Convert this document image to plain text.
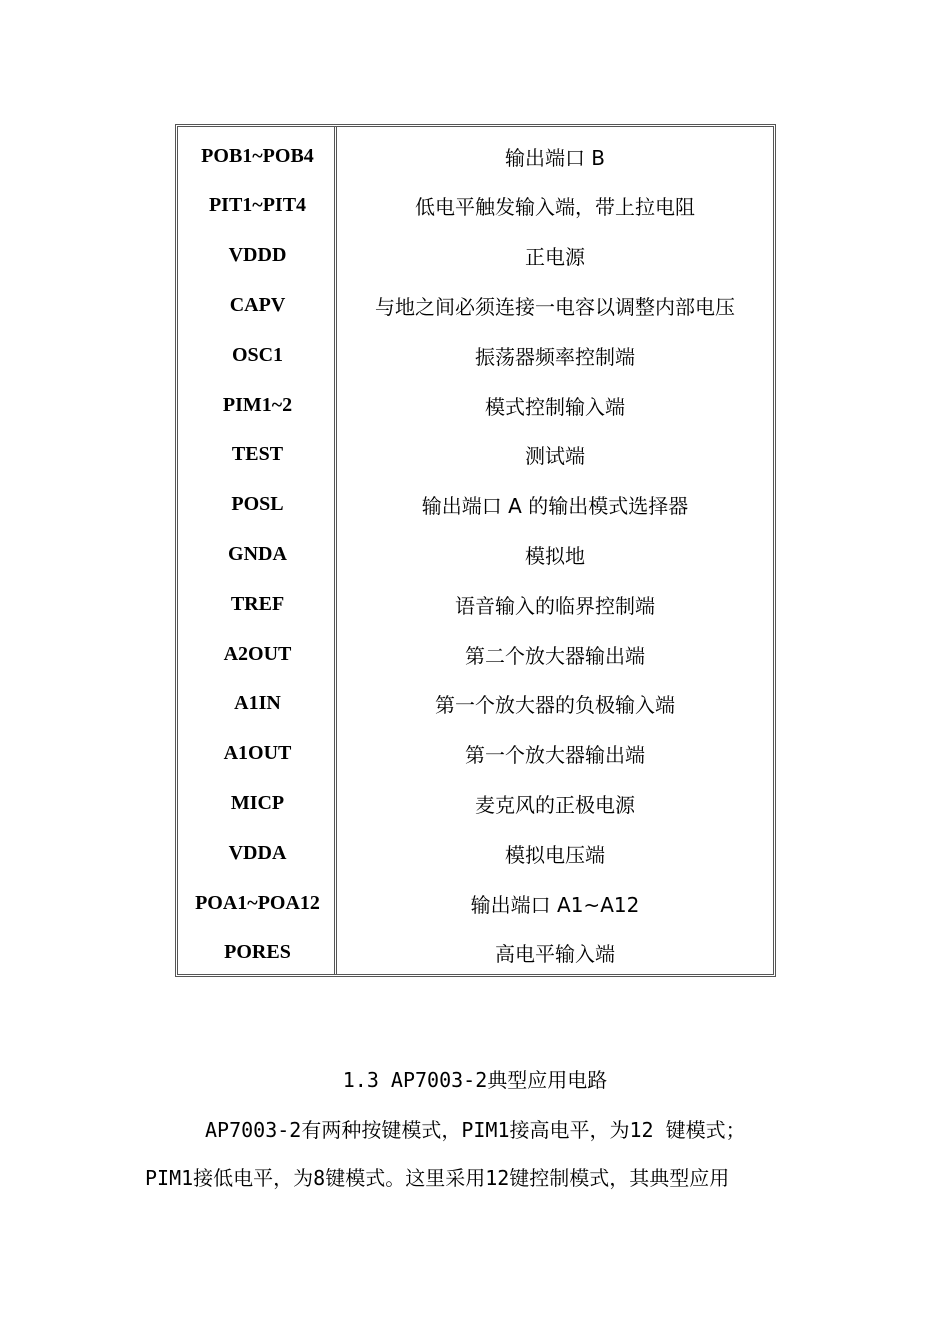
POB1~POB4	输出端口 B
PIT1~PIT4	低电平触发输入端，带上拉电阻
VDDD	正电源
CAPV	与地之间必须连接一电容以调整内部电压
OSC1	振荡器频率控制端
PIM1~2	模式控制输入端
TEST	测试端
POSL	输出端口 A 的输出模式选择器
GNDA	模拟地
TREF	语音输入的临界控制端
A2OUT	第二个放大器输出端
A1IN	第一个放大器的负极输入端
A1OUT	第一个放大器输出端
MICP	麦克风的正极电源
VDDA	模拟电压端
POA1~POA12	输出端口 A1~A12
PORES	高电平输入端
1.3 AP7003-2典型应用电路
AP7003-2有两种按键模式，PIM1接高电平，为12 键模式；
PIM1接低电平，为8键模式。这里采用12键控制模式，其典型应用
